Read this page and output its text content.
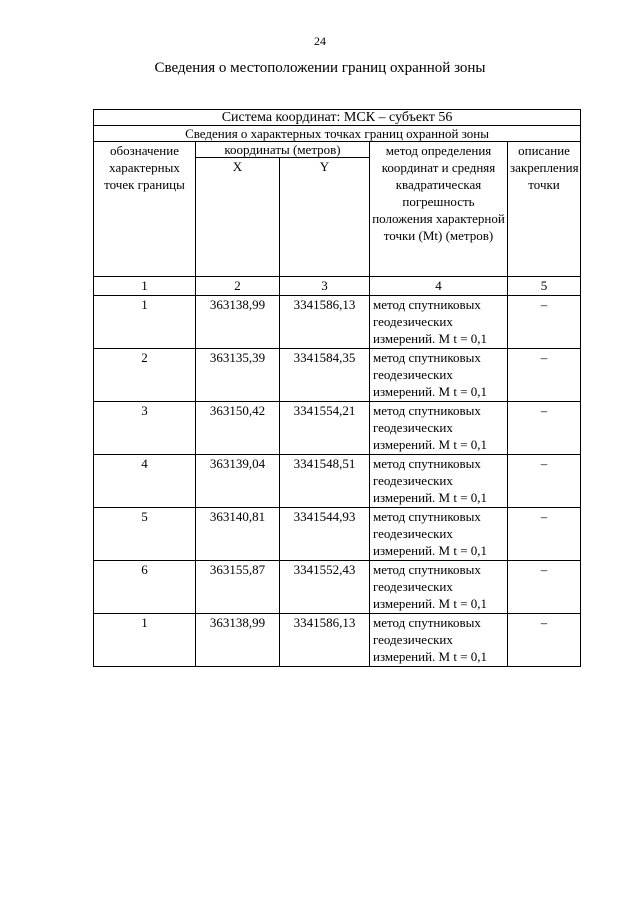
24
Сведения о местоположении границ охранной зоны
Система координат: МСК – субъект 56				
Сведения о характерных точках границ охранной зоны				
обозначение характерных точек границы	координаты (метров)		метод определения координат и средняя квадратическая погрешность положения характерной точки (Mt) (метров)	описание закрепления точки
	X	Y		
1	2	3	4	5
1	363138,99	3341586,13	метод спутниковых геодезических измерений. M t = 0,1	–
2	363135,39	3341584,35	метод спутниковых геодезических измерений. M t = 0,1	–
3	363150,42	3341554,21	метод спутниковых геодезических измерений. M t = 0,1	–
4	363139,04	3341548,51	метод спутниковых геодезических измерений. M t = 0,1	–
5	363140,81	3341544,93	метод спутниковых геодезических измерений. M t = 0,1	–
6	363155,87	3341552,43	метод спутниковых геодезических измерений. M t = 0,1	–
1	363138,99	3341586,13	метод спутниковых геодезических измерений. M t = 0,1	–
